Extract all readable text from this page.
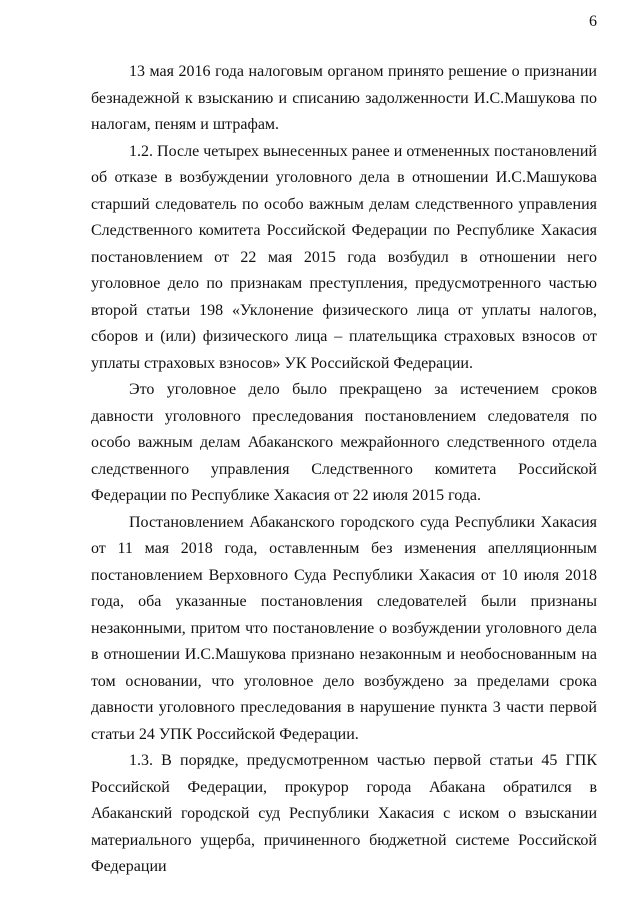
6

13 мая 2016 года налоговым органом принято решение о признании безнадежной к взысканию и списанию задолженности И.С.Машукова по налогам, пеням и штрафам.

1.2. После четырех вынесенных ранее и отмененных постановлений об отказе в возбуждении уголовного дела в отношении И.С.Машукова старший следователь по особо важным делам следственного управления Следственного комитета Российской Федерации по Республике Хакасия постановлением от 22 мая 2015 года возбудил в отношении него уголовное дело по признакам преступления, предусмотренного частью второй статьи 198 «Уклонение физического лица от уплаты налогов, сборов и (или) физического лица – плательщика страховых взносов от уплаты страховых взносов» УК Российской Федерации.

Это уголовное дело было прекращено за истечением сроков давности уголовного преследования постановлением следователя по особо важным делам Абаканского межрайонного следственного отдела следственного управления Следственного комитета Российской Федерации по Республике Хакасия от 22 июля 2015 года.

Постановлением Абаканского городского суда Республики Хакасия от 11 мая 2018 года, оставленным без изменения апелляционным постановлением Верховного Суда Республики Хакасия от 10 июля 2018 года, оба указанные постановления следователей были признаны незаконными, притом что постановление о возбуждении уголовного дела в отношении И.С.Машукова признано незаконным и необоснованным на том основании, что уголовное дело возбуждено за пределами срока давности уголовного преследования в нарушение пункта 3 части первой статьи 24 УПК Российской Федерации.

1.3. В порядке, предусмотренном частью первой статьи 45 ГПК Российской Федерации, прокурор города Абакана обратился в Абаканский городской суд Республики Хакасия с иском о взыскании материального ущерба, причиненного бюджетной системе Российской Федерации
